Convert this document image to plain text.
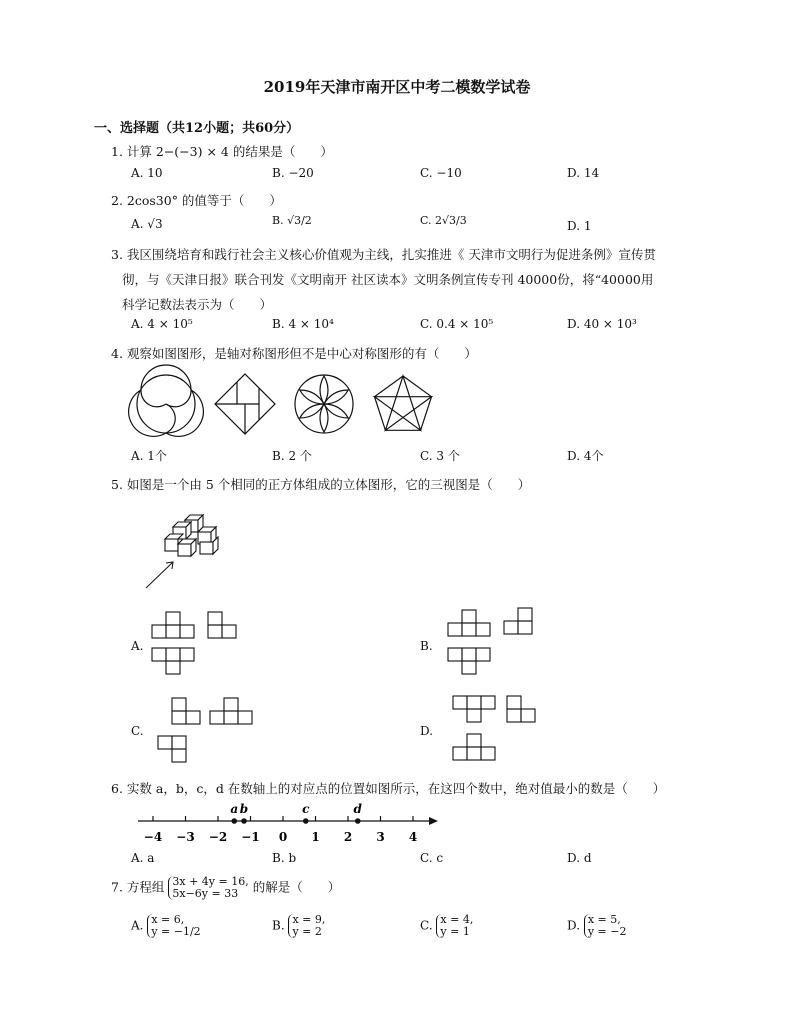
2019年天津市南开区中考二模数学试卷
一、选择题（共12小题；共60分）
1. 计算 2−(−3) × 4 的结果是（　　）
A. 10	B. −20	C. −10	D. 14
2. 2cos30° 的值等于（　　）
A. √3	B. √3/2	C. 2√3/3	D. 1
3. 我区围绕培育和践行社会主义核心价值观为主线，扎实推进《 天津市文明行为促进条例》宣传贯
彻，与《天津日报》联合刊发《文明南开 社区读本》文明条例宣传专刊 40000份，将“40000用
科学记数法表示为（　　）
A. 4 × 10⁵	B. 4 × 10⁴	C. 0.4 × 10⁵	D. 40 × 10³
4. 观察如图图形，是轴对称图形但不是中心对称图形的有（　　）
A. 1个	B. 2 个	C. 3 个	D. 4个
5. 如图是一个由 5 个相同的正方体组成的立体图形，它的三视图是（　　）
A.	B.
C.	D.
6. 实数 a，b，c，d 在数轴上的对应点的位置如图所示，在这四个数中，绝对值最小的数是（　　）
−4 −3 −2 −1 0 1 2 3 4
a b	c	d
A. a	B. b	C. c	D. d
7. 方程组 3x + 4y = 16,
5x−6y = 33	的解是（　　）
A. x = 6,
y = −1/2	B. x = 9,
y = 2	C. x = 4,
y = 1	D. x = 5,
y = −2
